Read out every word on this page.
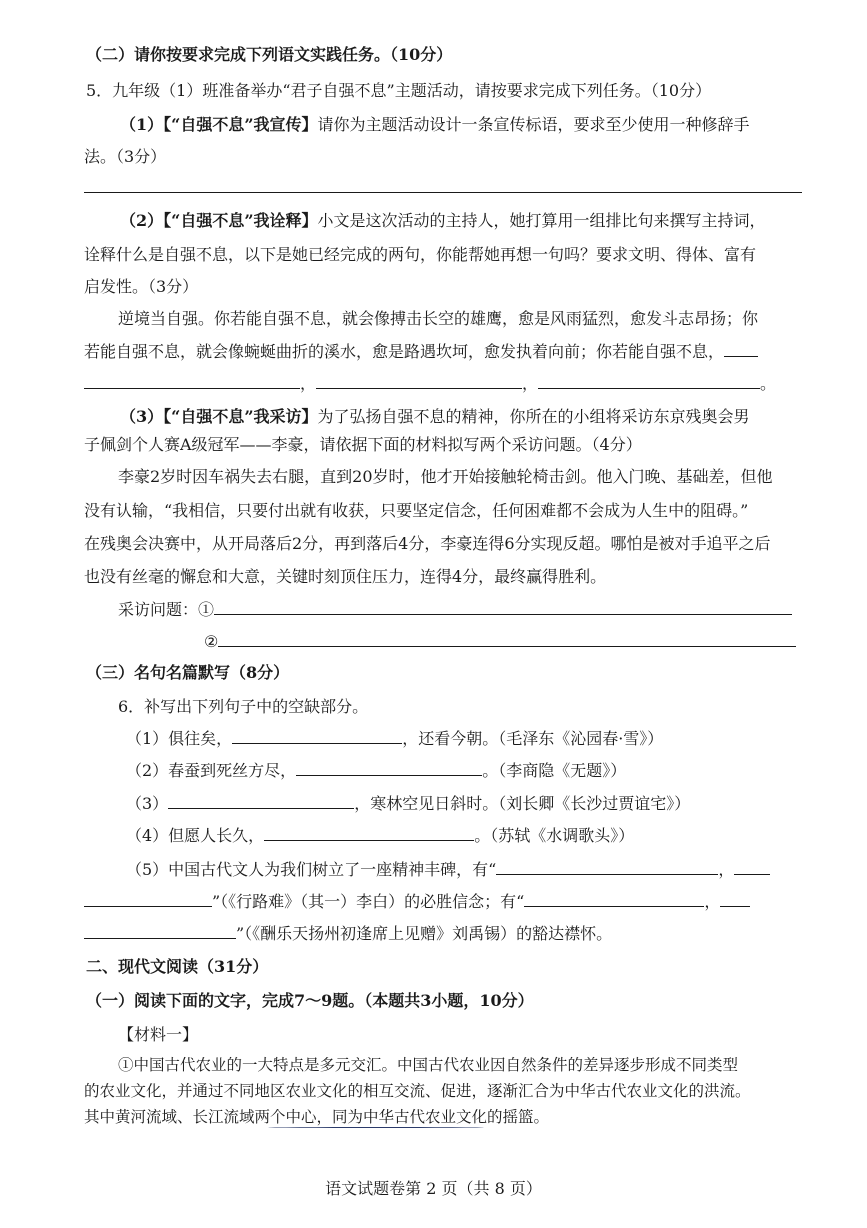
（二）请你按要求完成下列语文实践任务。（10分）
5．九年级（1）班准备举办“君子自强不息”主题活动，请按要求完成下列任务。（10分）
（1）【“自强不息”我宣传】请你为主题活动设计一条宣传标语，要求至少使用一种修辞手
法。（3分）
（2）【“自强不息”我诠释】小文是这次活动的主持人，她打算用一组排比句来撰写主持词，
诠释什么是自强不息，以下是她已经完成的两句，你能帮她再想一句吗？要求文明、得体、富有
启发性。（3分）
逆境当自强。你若能自强不息，就会像搏击长空的雄鹰，愈是风雨猛烈，愈发斗志昂扬；你
若能自强不息，就会像蜿蜒曲折的溪水，愈是路遇坎坷，愈发执着向前；你若能自强不息，
，	，	。
（3）【“自强不息”我采访】为了弘扬自强不息的精神，你所在的小组将采访东京残奥会男
子佩剑个人赛A级冠军——李豪，请依据下面的材料拟写两个采访问题。（4分）
李豪2岁时因车祸失去右腿，直到20岁时，他才开始接触轮椅击剑。他入门晚、基础差，但他
没有认输，“我相信，只要付出就有收获，只要坚定信念，任何困难都不会成为人生中的阻碍。”
在残奥会决赛中，从开局落后2分，再到落后4分，李豪连得6分实现反超。哪怕是被对手追平之后
也没有丝毫的懈怠和大意，关键时刻顶住压力，连得4分，最终赢得胜利。
采访问题：①
②
（三）名句名篇默写（8分）
6．补写出下列句子中的空缺部分。
（1）俱往矣，	，还看今朝。（毛泽东《沁园春·雪》）
（2）春蚕到死丝方尽，	。（李商隐《无题》）
（3）	，寒林空见日斜时。（刘长卿《长沙过贾谊宅》）
（4）但愿人长久，	。（苏轼《水调歌头》）
（5）中国古代文人为我们树立了一座精神丰碑，有“	，
”（《行路难》（其一）李白）的必胜信念；有“	，
”（《酬乐天扬州初逢席上见赠》刘禹锡）的豁达襟怀。
二、现代文阅读（31分）
（一）阅读下面的文字，完成7～9题。（本题共3小题，10分）
【材料一】
①中国古代农业的一大特点是多元交汇。中国古代农业因自然条件的差异逐步形成不同类型
的农业文化，并通过不同地区农业文化的相互交流、促进，逐渐汇合为中华古代农业文化的洪流。
其中黄河流域、长江流域两个中心，同为中华古代农业文化的摇篮。
语文试题卷第 2 页（共 8 页）
